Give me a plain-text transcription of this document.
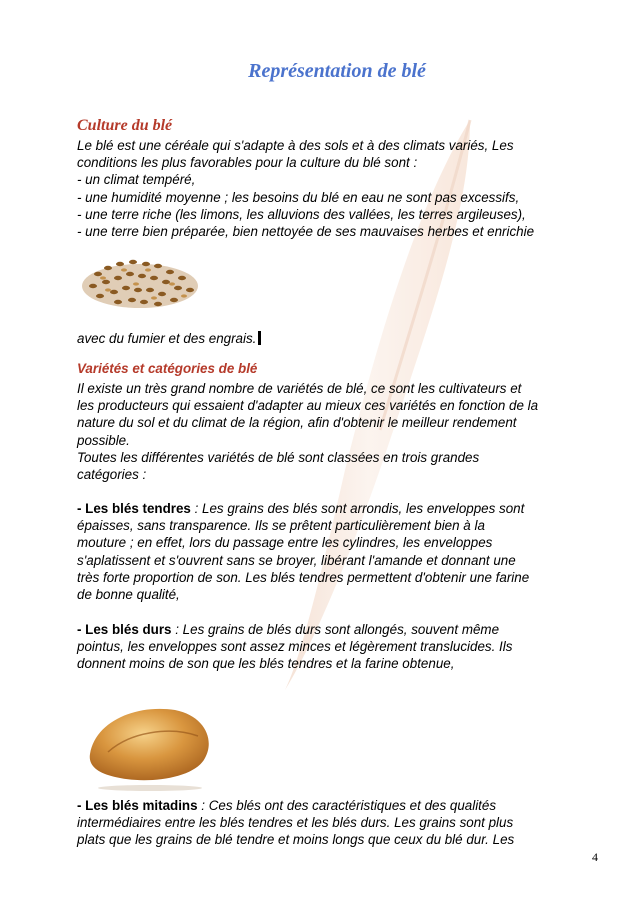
Représentation de blé
Culture du blé

Le blé est une céréale qui s'adapte à des sols et à des climats variés, Les
conditions les plus favorables pour la culture du blé sont :
- un climat tempéré,
- une humidité moyenne ; les besoins du blé en eau ne sont pas excessifs,
- une terre riche (les limons, les alluvions des vallées, les terres argileuses),
- une terre bien préparée, bien nettoyée de ses mauvaises herbes et enrichie

avec du fumier et des engrais.

Variétés et catégories de blé

Il existe un très grand nombre de variétés de blé, ce sont les cultivateurs et
les producteurs qui essaient d'adapter au mieux ces variétés en fonction de la
nature du sol et du climat de la région, afin d'obtenir le meilleur rendement
possible.
Toutes les différentes variétés de blé sont classées en trois grandes
catégories :

- Les blés tendres : Les grains des blés sont arrondis, les enveloppes sont
épaisses, sans transparence. Ils se prêtent particulièrement bien à la
mouture ; en effet, lors du passage entre les cylindres, les enveloppes
s'aplatissent et s'ouvrent sans se broyer, libérant l'amande et donnant une
très forte proportion de son. Les blés tendres permettent d'obtenir une farine
de bonne qualité,

- Les blés durs : Les grains de blés durs sont allongés, souvent même
pointus, les enveloppes sont assez minces et légèrement translucides. Ils
donnent moins de son que les blés tendres et la farine obtenue,

- Les blés mitadins : Ces blés ont des caractéristiques et des qualités
intermédiaires entre les blés tendres et les blés durs. Les grains sont plus
plats que les grains de blé tendre et moins longs que ceux du blé dur. Les

4
